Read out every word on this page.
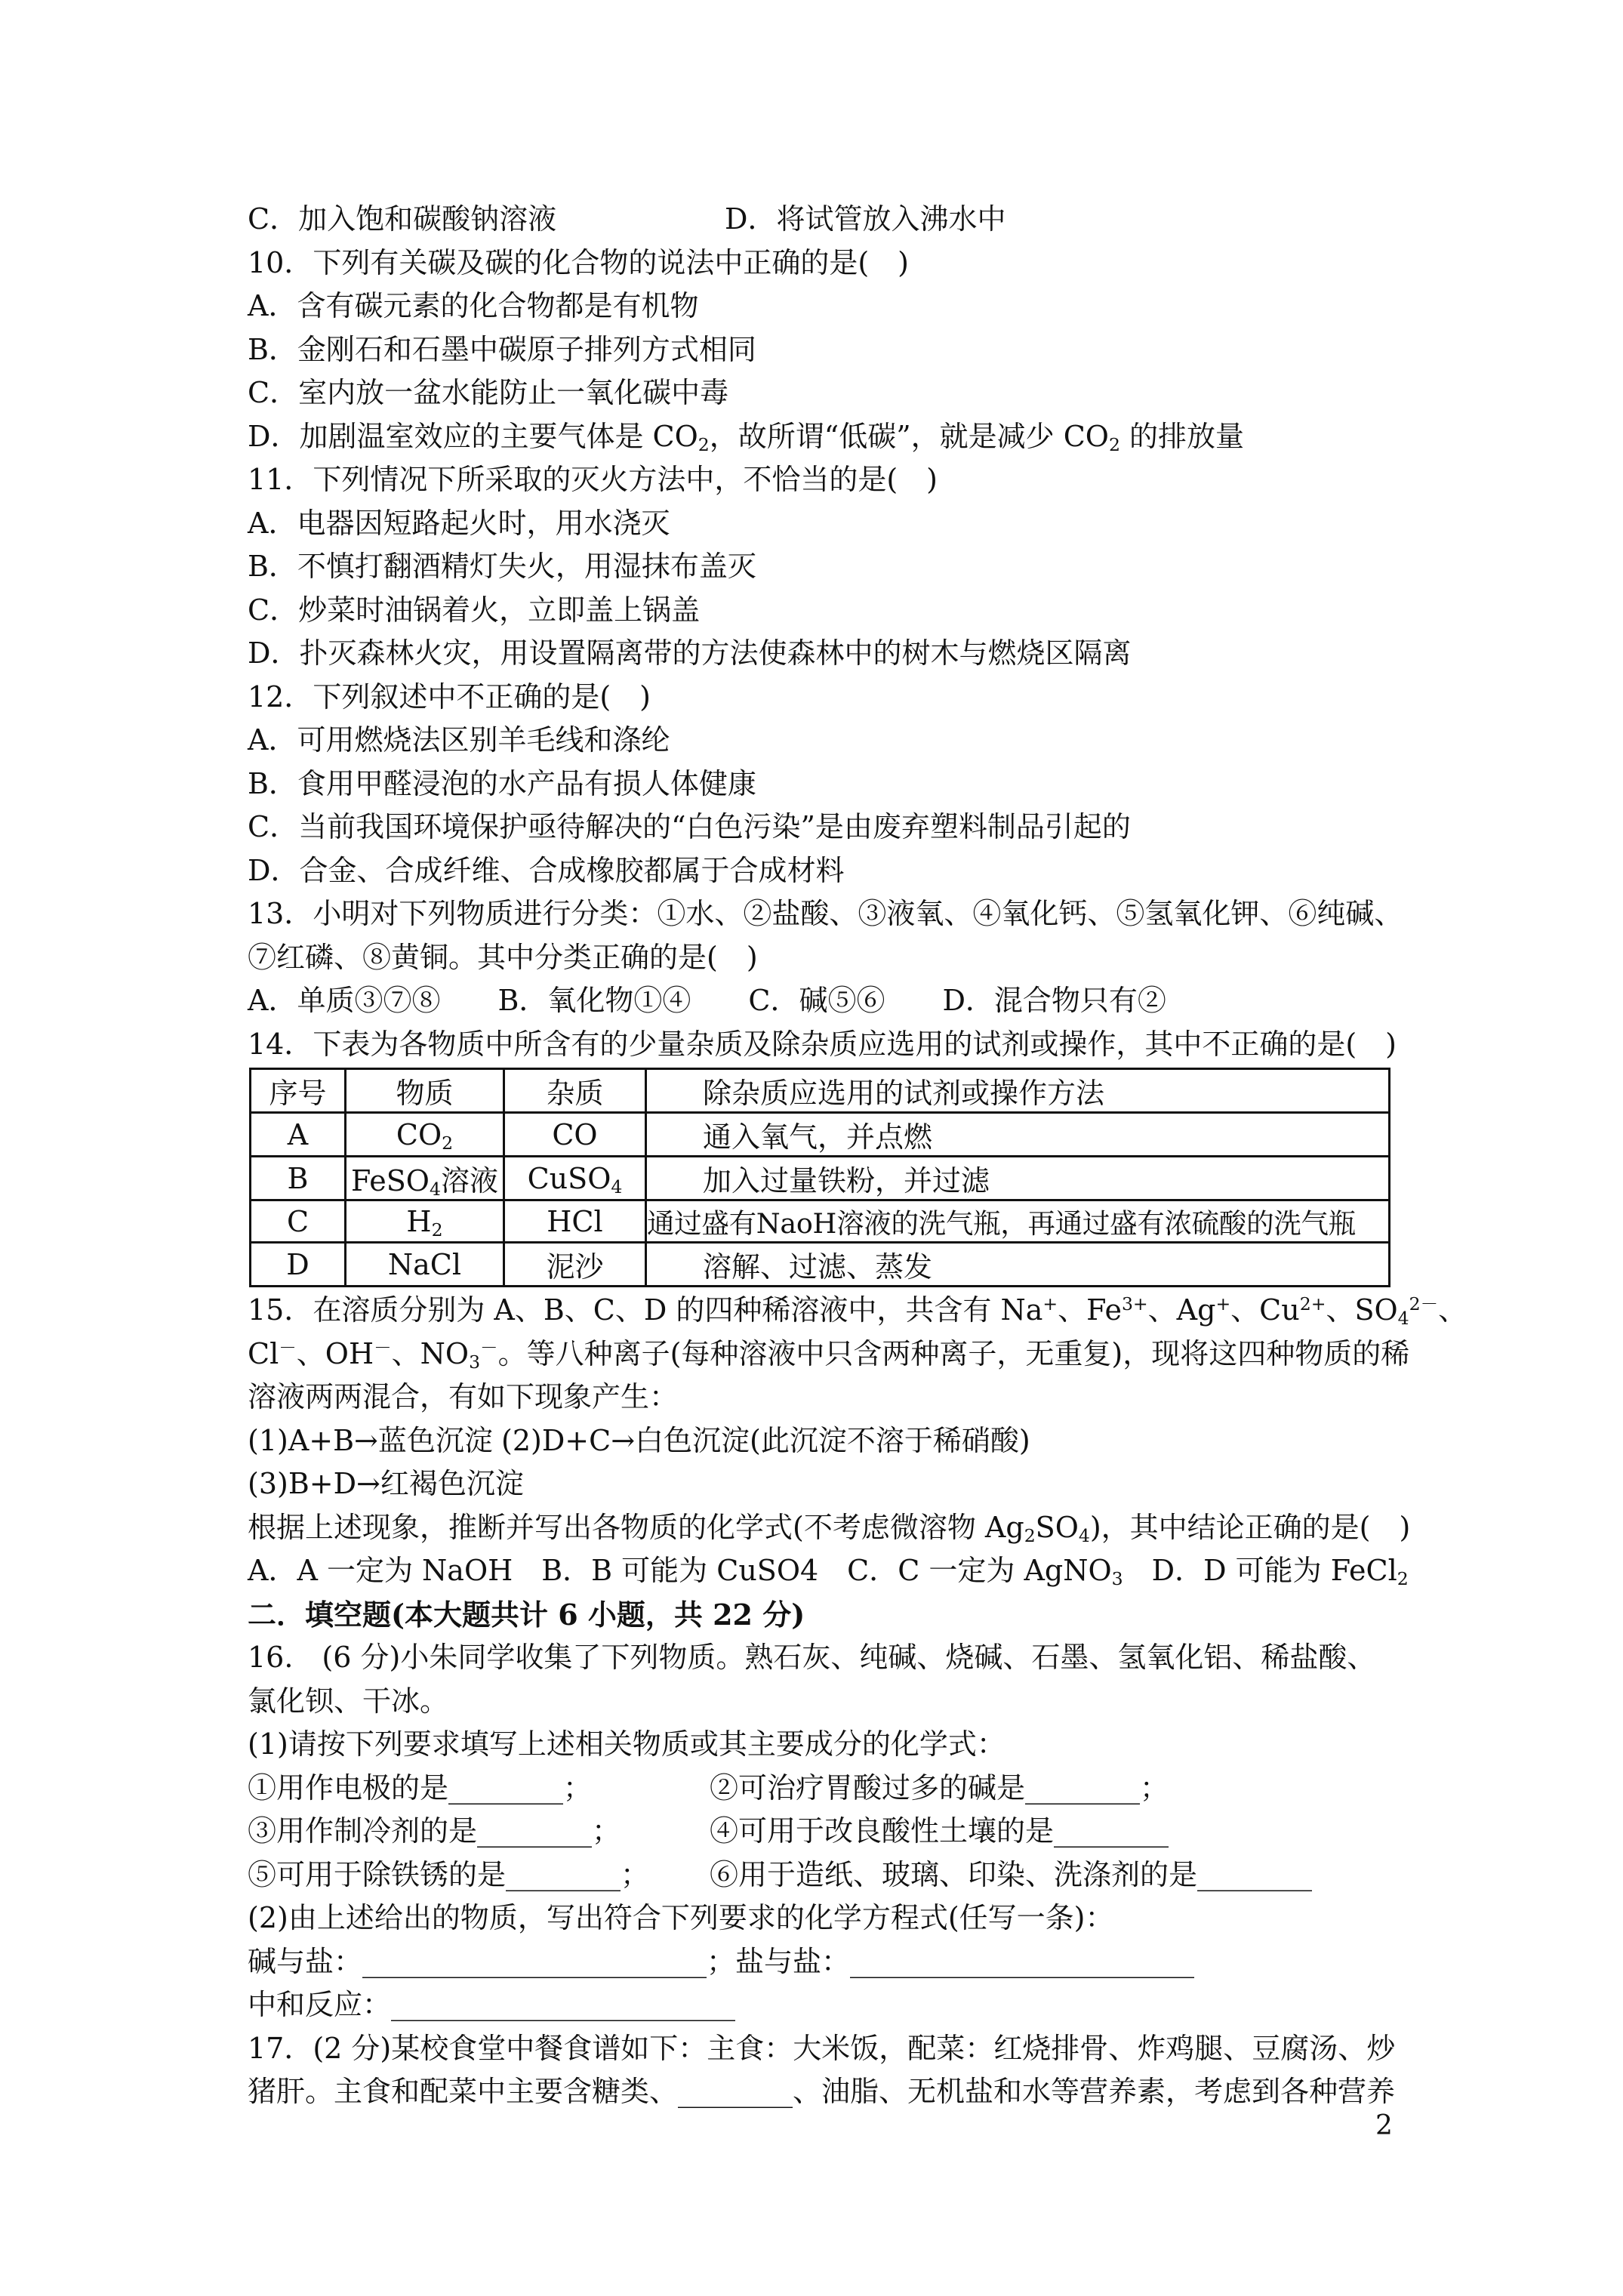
C．加入饱和碳酸钠溶液	D．将试管放入沸水中
10．下列有关碳及碳的化合物的说法中正确的是(　)
A．含有碳元素的化合物都是有机物
B．金刚石和石墨中碳原子排列方式相同
C．室内放一盆水能防止一氧化碳中毒
D．加剧温室效应的主要气体是 $CO_2$，故所谓“低碳”，就是减少 $CO_2$ 的排放量
11．下列情况下所采取的灭火方法中，不恰当的是(　)
A．电器因短路起火时，用水浇灭
B．不慎打翻酒精灯失火，用湿抹布盖灭
C．炒菜时油锅着火，立即盖上锅盖
D．扑灭森林火灾，用设置隔离带的方法使森林中的树木与燃烧区隔离
12．下列叙述中不正确的是(　)
A．可用燃烧法区别羊毛线和涤纶
B．食用甲醛浸泡的水产品有损人体健康
C．当前我国环境保护亟待解决的“白色污染”是由废弃塑料制品引起的
D．合金、合成纤维、合成橡胶都属于合成材料
13．小明对下列物质进行分类：①水、②盐酸、③液氧、④氧化钙、⑤氢氧化钾、⑥纯碱、
⑦红磷、⑧黄铜。其中分类正确的是(　)
A．单质③⑦⑧　　B．氧化物①④　　C．碱⑤⑥　　D．混合物只有②
14．下表为各物质中所含有的少量杂质及除杂质应选用的试剂或操作，其中不正确的是(　)
序号	物质	杂质	除杂质应选用的试剂或操作方法
A	$CO_2$	CO	通入氧气，并点燃
B	FeSO$_4$溶液	CuSO$_4$	加入过量铁粉，并过滤
C	$H_2$	HCl	通过盛有NaoH溶液的洗气瓶，再通过盛有浓硫酸的洗气瓶
D	NaCl	泥沙	溶解、过滤、蒸发
15．在溶质分别为 A、B、C、D 的四种稀溶液中，共含有 Na+、$Fe^{3+}$、Ag+、$Cu^{2+}$、$SO_4^{2-}$、
Cl－、OH－、$NO_3^-$。等八种离子(每种溶液中只含两种离子，无重复)，现将这四种物质的稀
溶液两两混合，有如下现象产生：
(1)A+B→蓝色沉淀 (2)D+C→白色沉淀(此沉淀不溶于稀硝酸)
(3)B+D→红褐色沉淀
根据上述现象，推断并写出各物质的化学式(不考虑微溶物 $Ag_2SO_4$)，其中结论正确的是(　)
A．A 一定为 NaOH　B．B 可能为 CuSO4　C．C 一定为 AgNO$_3$　D．D 可能为 FeCl$_2$
二．填空题(本大题共计 6 小题，共 22 分)
16.　(6 分)小朱同学收集了下列物质。熟石灰、纯碱、烧碱、石墨、氢氧化铝、稀盐酸、
氯化钡、干冰。
(1)请按下列要求填写上述相关物质或其主要成分的化学式：
①用作电极的是________；	②可治疗胃酸过多的碱是________；
③用作制冷剂的是________；	④可用于改良酸性土壤的是________
⑤可用于除铁锈的是________； ⑥用于造纸、玻璃、印染、洗涤剂的是________
(2)由上述给出的物质，写出符合下列要求的化学方程式(任写一条)：
碱与盐：________________________；盐与盐：________________________
中和反应：________________________
17．(2 分)某校食堂中餐食谱如下：主食：大米饭，配菜：红烧排骨、炸鸡腿、豆腐汤、炒
猪肝。主食和配菜中主要含糖类、________、油脂、无机盐和水等营养素，考虑到各种营养
2
